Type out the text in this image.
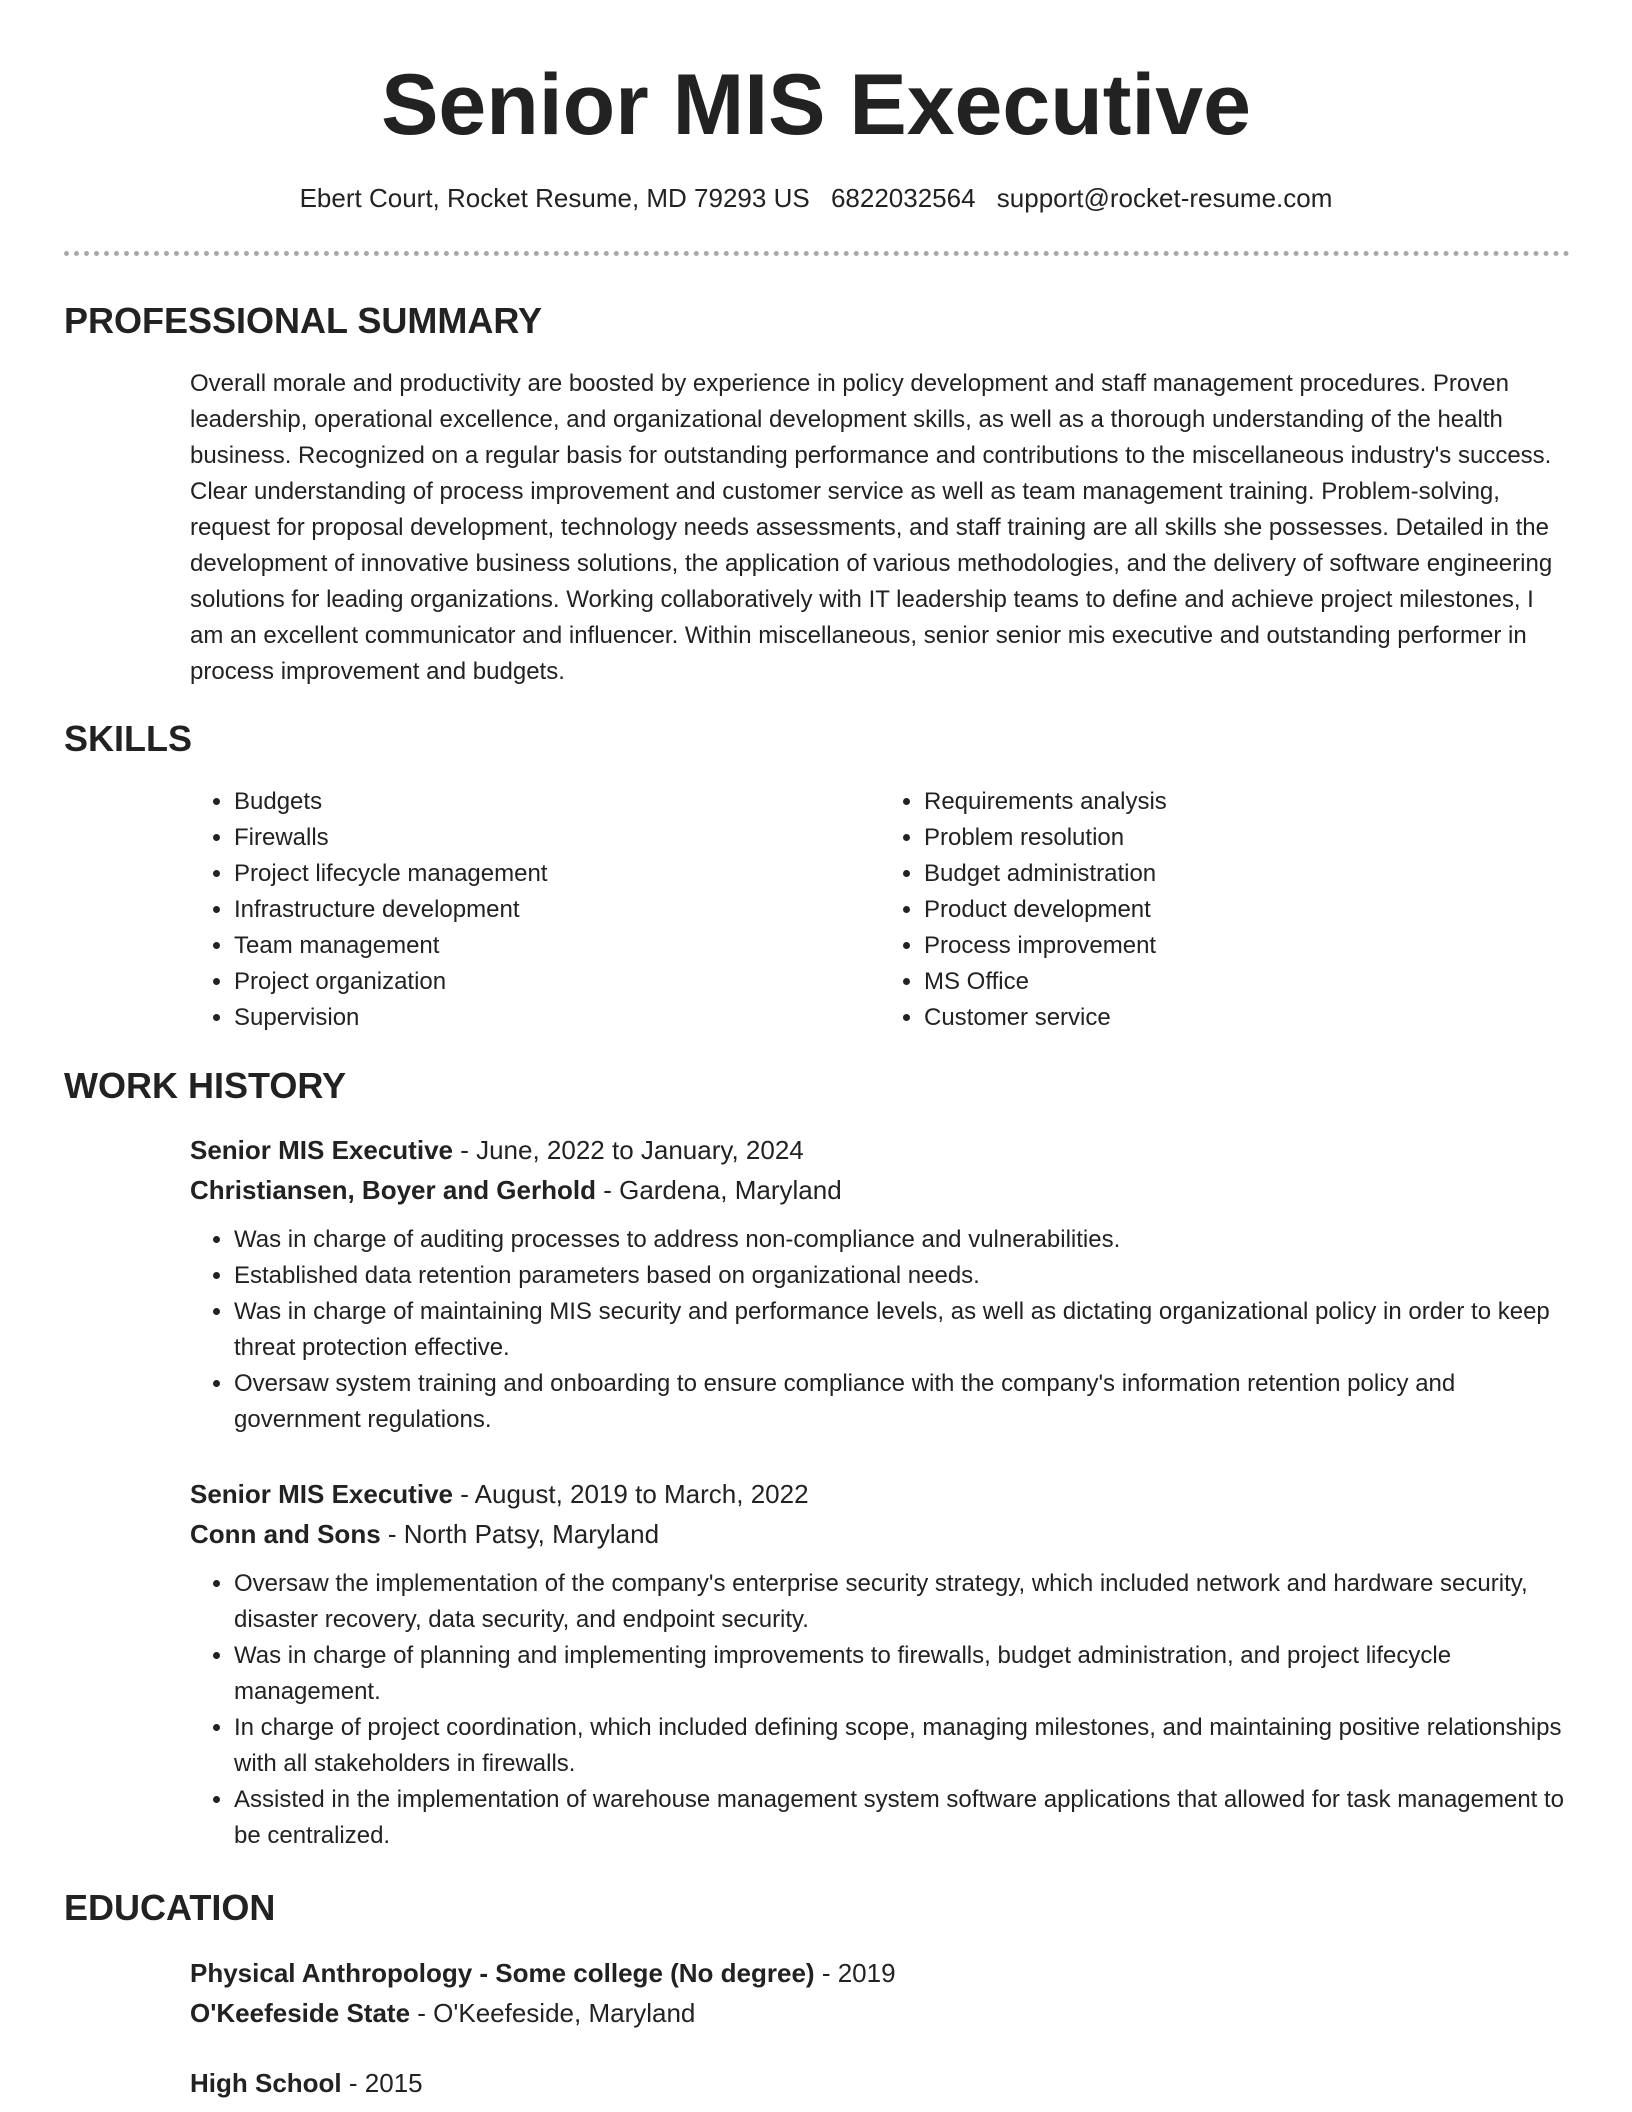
Senior MIS Executive
Ebert Court, Rocket Resume, MD 79293 US 6822032564 support@rocket-resume.com
PROFESSIONAL SUMMARY

Overall morale and productivity are boosted by experience in policy development and staff management procedures. Proven leadership, operational excellence, and organizational development skills, as well as a thorough understanding of the health business. Recognized on a regular basis for outstanding performance and contributions to the miscellaneous industry's success. Clear understanding of process improvement and customer service as well as team management training. Problem-solving, request for proposal development, technology needs assessments, and staff training are all skills she possesses. Detailed in the development of innovative business solutions, the application of various methodologies, and the delivery of software engineering solutions for leading organizations. Working collaboratively with IT leadership teams to define and achieve project milestones, I am an excellent communicator and influencer. Within miscellaneous, senior senior mis executive and outstanding performer in process improvement and budgets.

SKILLS
• Budgets
• Firewalls
• Project lifecycle management
• Infrastructure development
• Team management
• Project organization
• Supervision
• Requirements analysis
• Problem resolution
• Budget administration
• Product development
• Process improvement
• MS Office
• Customer service
WORK HISTORY

Senior MIS Executive - June, 2022 to January, 2024

Christiansen, Boyer and Gerhold - Gardena, Maryland

• Was in charge of auditing processes to address non-compliance and vulnerabilities.
• Established data retention parameters based on organizational needs.
• Was in charge of maintaining MIS security and performance levels, as well as dictating organizational policy in order to keep threat protection effective.
• Oversaw system training and onboarding to ensure compliance with the company's information retention policy and government regulations.

Senior MIS Executive - August, 2019 to March, 2022

Conn and Sons - North Patsy, Maryland

• Oversaw the implementation of the company's enterprise security strategy, which included network and hardware security, disaster recovery, data security, and endpoint security.
• Was in charge of planning and implementing improvements to firewalls, budget administration, and project lifecycle management.
• In charge of project coordination, which included defining scope, managing milestones, and maintaining positive relationships with all stakeholders in firewalls.
• Assisted in the implementation of warehouse management system software applications that allowed for task management to be centralized.
EDUCATION

Physical Anthropology - Some college (No degree) - 2019

O'Keefeside State - O'Keefeside, Maryland

High School - 2015
